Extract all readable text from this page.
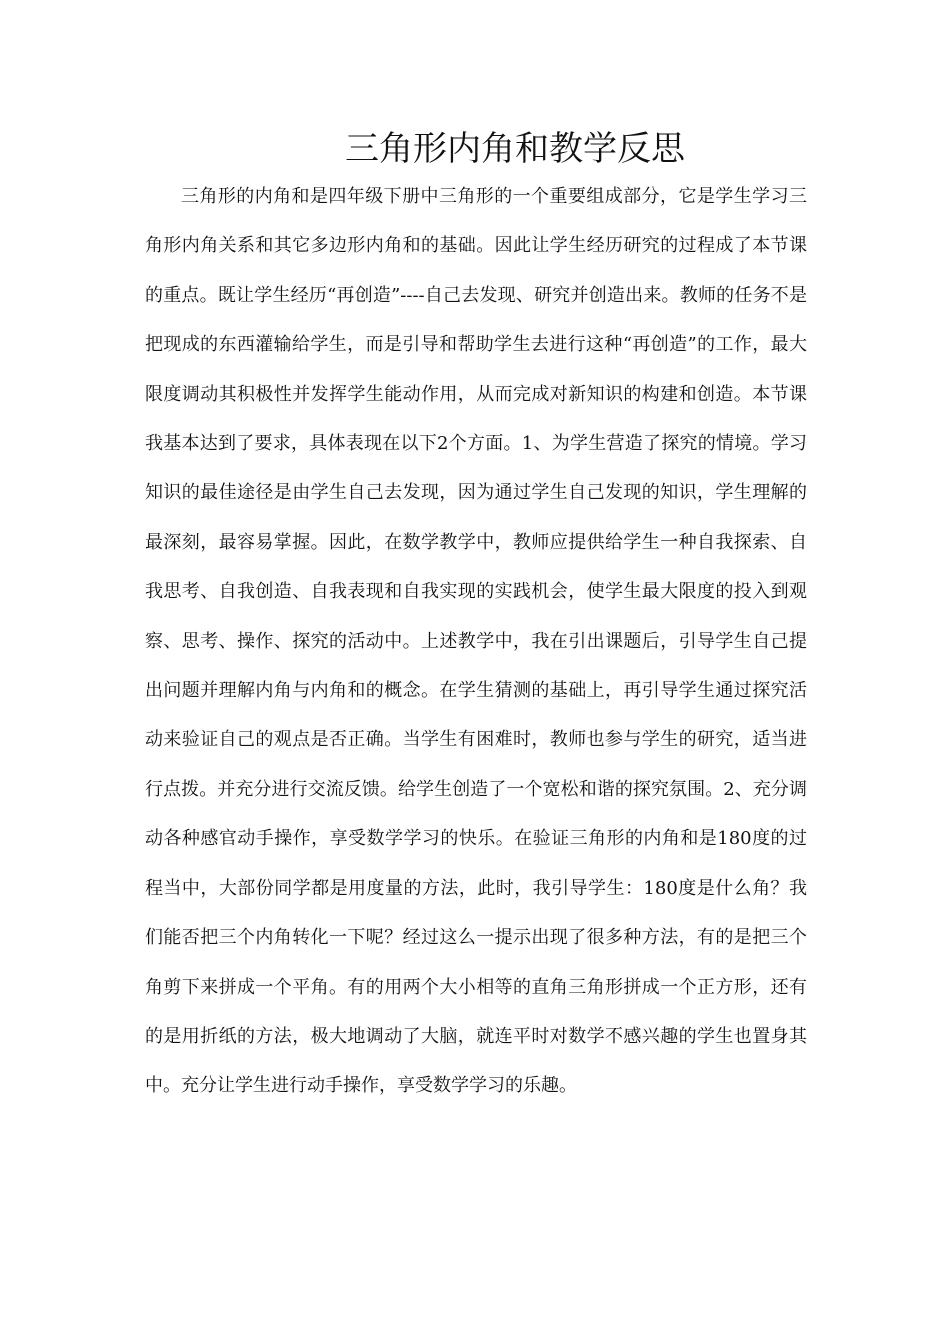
三角形内角和教学反思

三角形的内角和是四年级下册中三角形的一个重要组成部分，它是学生学习三角形内角关系和其它多边形内角和的基础。因此让学生经历研究的过程成了本节课的重点。既让学生经历“再创造”----自己去发现、研究并创造出来。教师的任务不是把现成的东西灌输给学生，而是引导和帮助学生去进行这种“再创造”的工作，最大限度调动其积极性并发挥学生能动作用，从而完成对新知识的构建和创造。本节课我基本达到了要求，具体表现在以下2个方面。1、为学生营造了探究的情境。学习知识的最佳途径是由学生自己去发现，因为通过学生自己发现的知识，学生理解的最深刻，最容易掌握。因此，在数学教学中，教师应提供给学生一种自我探索、自我思考、自我创造、自我表现和自我实现的实践机会，使学生最大限度的投入到观察、思考、操作、探究的活动中。上述教学中，我在引出课题后，引导学生自己提出问题并理解内角与内角和的概念。在学生猜测的基础上，再引导学生通过探究活动来验证自己的观点是否正确。当学生有困难时，教师也参与学生的研究，适当进行点拨。并充分进行交流反馈。给学生创造了一个宽松和谐的探究氛围。2、充分调动各种感官动手操作，享受数学学习的快乐。在验证三角形的内角和是180度的过程当中，大部份同学都是用度量的方法，此时，我引导学生：180度是什么角？我们能否把三个内角转化一下呢？经过这么一提示出现了很多种方法，有的是把三个角剪下来拼成一个平角。有的用两个大小相等的直角三角形拼成一个正方形，还有的是用折纸的方法，极大地调动了大脑，就连平时对数学不感兴趣的学生也置身其中。充分让学生进行动手操作，享受数学学习的乐趣。
